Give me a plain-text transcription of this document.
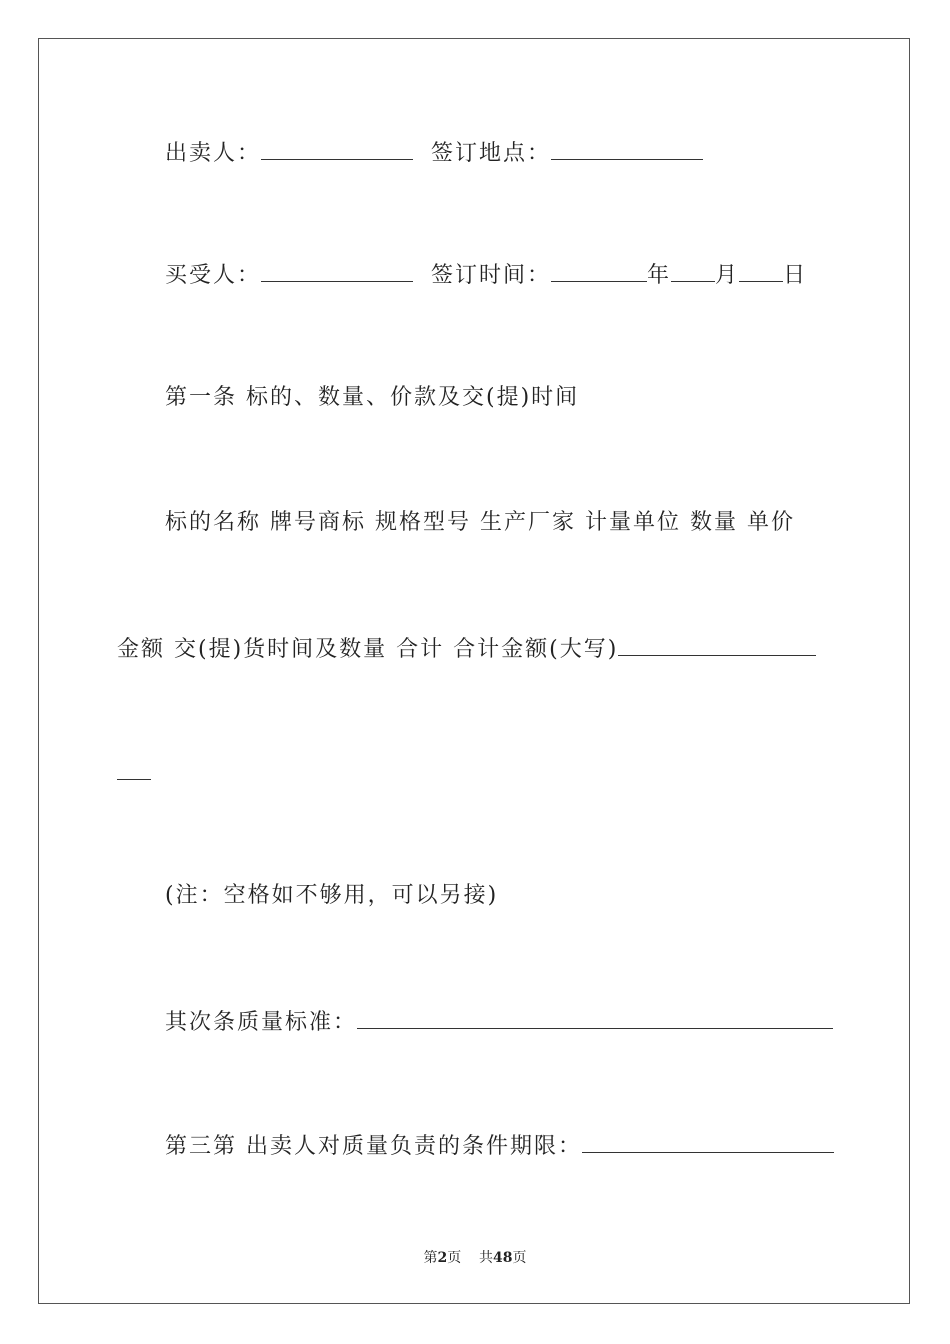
出卖人：	签订地点：
买受人：	签订时间：	年 月 日
第一条 标的、数量、价款及交(提)时间
标的名称 牌号商标 规格型号 生产厂家 计量单位 数量 单价
金额 交(提)货时间及数量 合计 合计金额(大写)
(注：空格如不够用，可以另接)
其次条质量标准：
第三第 出卖人对质量负责的条件期限：
第2页    共48页
